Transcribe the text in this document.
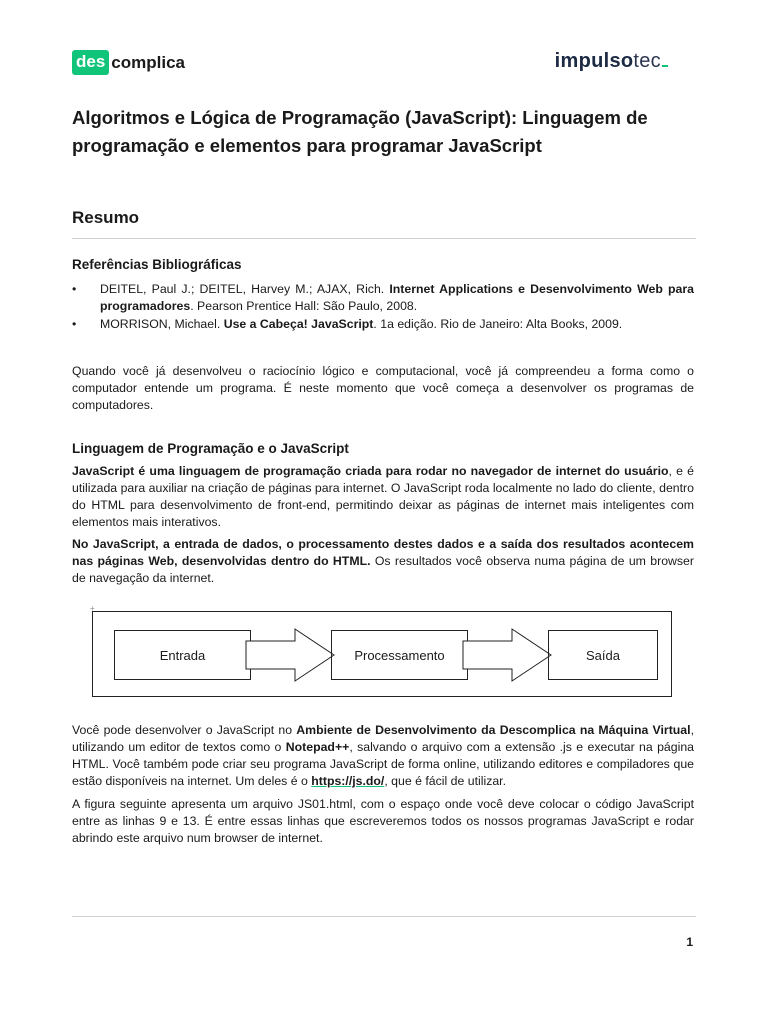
des complica	impulsotec
Algoritmos e Lógica de Programação (JavaScript): Linguagem de programação e elementos para programar JavaScript
Resumo
Referências Bibliográficas
• DEITEL, Paul J.; DEITEL, Harvey M.; AJAX, Rich. Internet Applications e Desenvolvimento Web para programadores. Pearson Prentice Hall: São Paulo, 2008.
• MORRISON, Michael. Use a Cabeça! JavaScript. 1a edição. Rio de Janeiro: Alta Books, 2009.

Quando você já desenvolveu o raciocínio lógico e computacional, você já compreendeu a forma como o computador entende um programa. É neste momento que você começa a desenvolver os programas de computadores.

Linguagem de Programação e o JavaScript

JavaScript é uma linguagem de programação criada para rodar no navegador de internet do usuário, e é utilizada para auxiliar na criação de páginas para internet. O JavaScript roda localmente no lado do cliente, dentro do HTML para desenvolvimento de front-end, permitindo deixar as páginas de internet mais inteligentes com elementos mais interativos.

No JavaScript, a entrada de dados, o processamento destes dados e a saída dos resultados acontecem nas páginas Web, desenvolvidas dentro do HTML. Os resultados você observa numa página de um browser de navegação da internet.

+
Entrada	Processamento	Saída

Você pode desenvolver o JavaScript no Ambiente de Desenvolvimento da Descomplica na Máquina Virtual, utilizando um editor de textos como o Notepad++, salvando o arquivo com a extensão .js e executar na página HTML. Você também pode criar seu programa JavaScript de forma online, utilizando editores e compiladores que estão disponíveis na internet. Um deles é o https://js.do/, que é fácil de utilizar.

A figura seguinte apresenta um arquivo JS01.html, com o espaço onde você deve colocar o código JavaScript entre as linhas 9 e 13. É entre essas linhas que escreveremos todos os nossos programas JavaScript e rodar abrindo este arquivo num browser de internet.

1
